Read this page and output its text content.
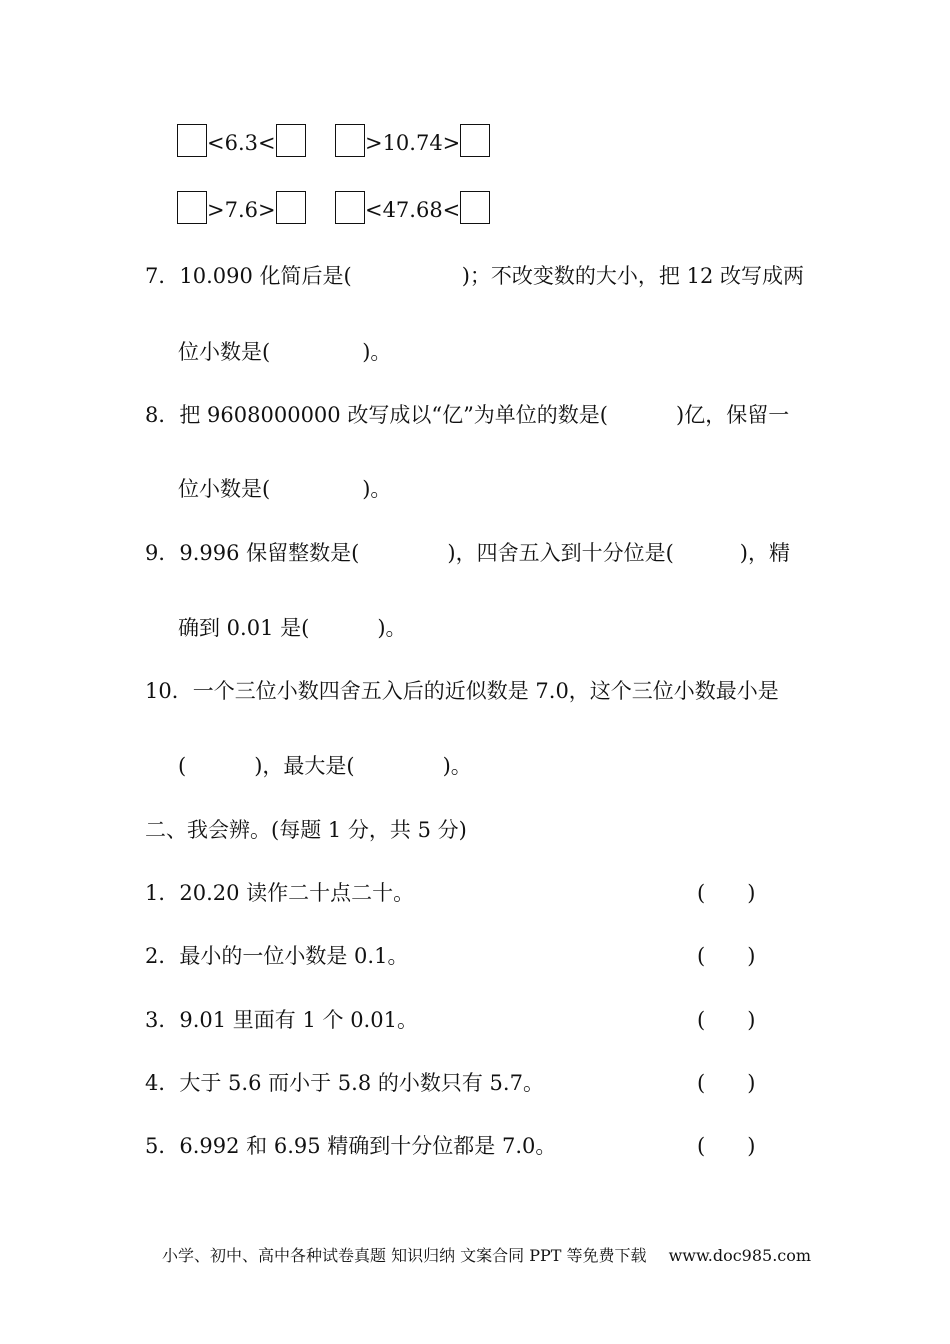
<6.3<	>10.74>
>7.6>	<47.68<
7．10.090 化简后是(	)；不改变数的大小，把 12 改写成两
位小数是(	)。
8．把 9608000000 改写成以“亿”为单位的数是(	)亿，保留一
位小数是(	)。
9．9.996 保留整数是(	)，四舍五入到十分位是(	)，精
确到 0.01 是(	)。
10．一个三位小数四舍五入后的近似数是 7.0，这个三位小数最小是
(	)，最大是(	)。
二、我会辨。(每题 1 分，共 5 分)
1．20.20 读作二十点二十。	(　　)
2．最小的一位小数是 0.1。	(　　)
3．9.01 里面有 1 个 0.01。	(　　)
4．大于 5.6 而小于 5.8 的小数只有 5.7。	(　　)
5．6.992 和 6.95 精确到十分位都是 7.0。	(　　)
小学、初中、高中各种试卷真题 知识归纳 文案合同 PPT 等免费下载 www.doc985.com
